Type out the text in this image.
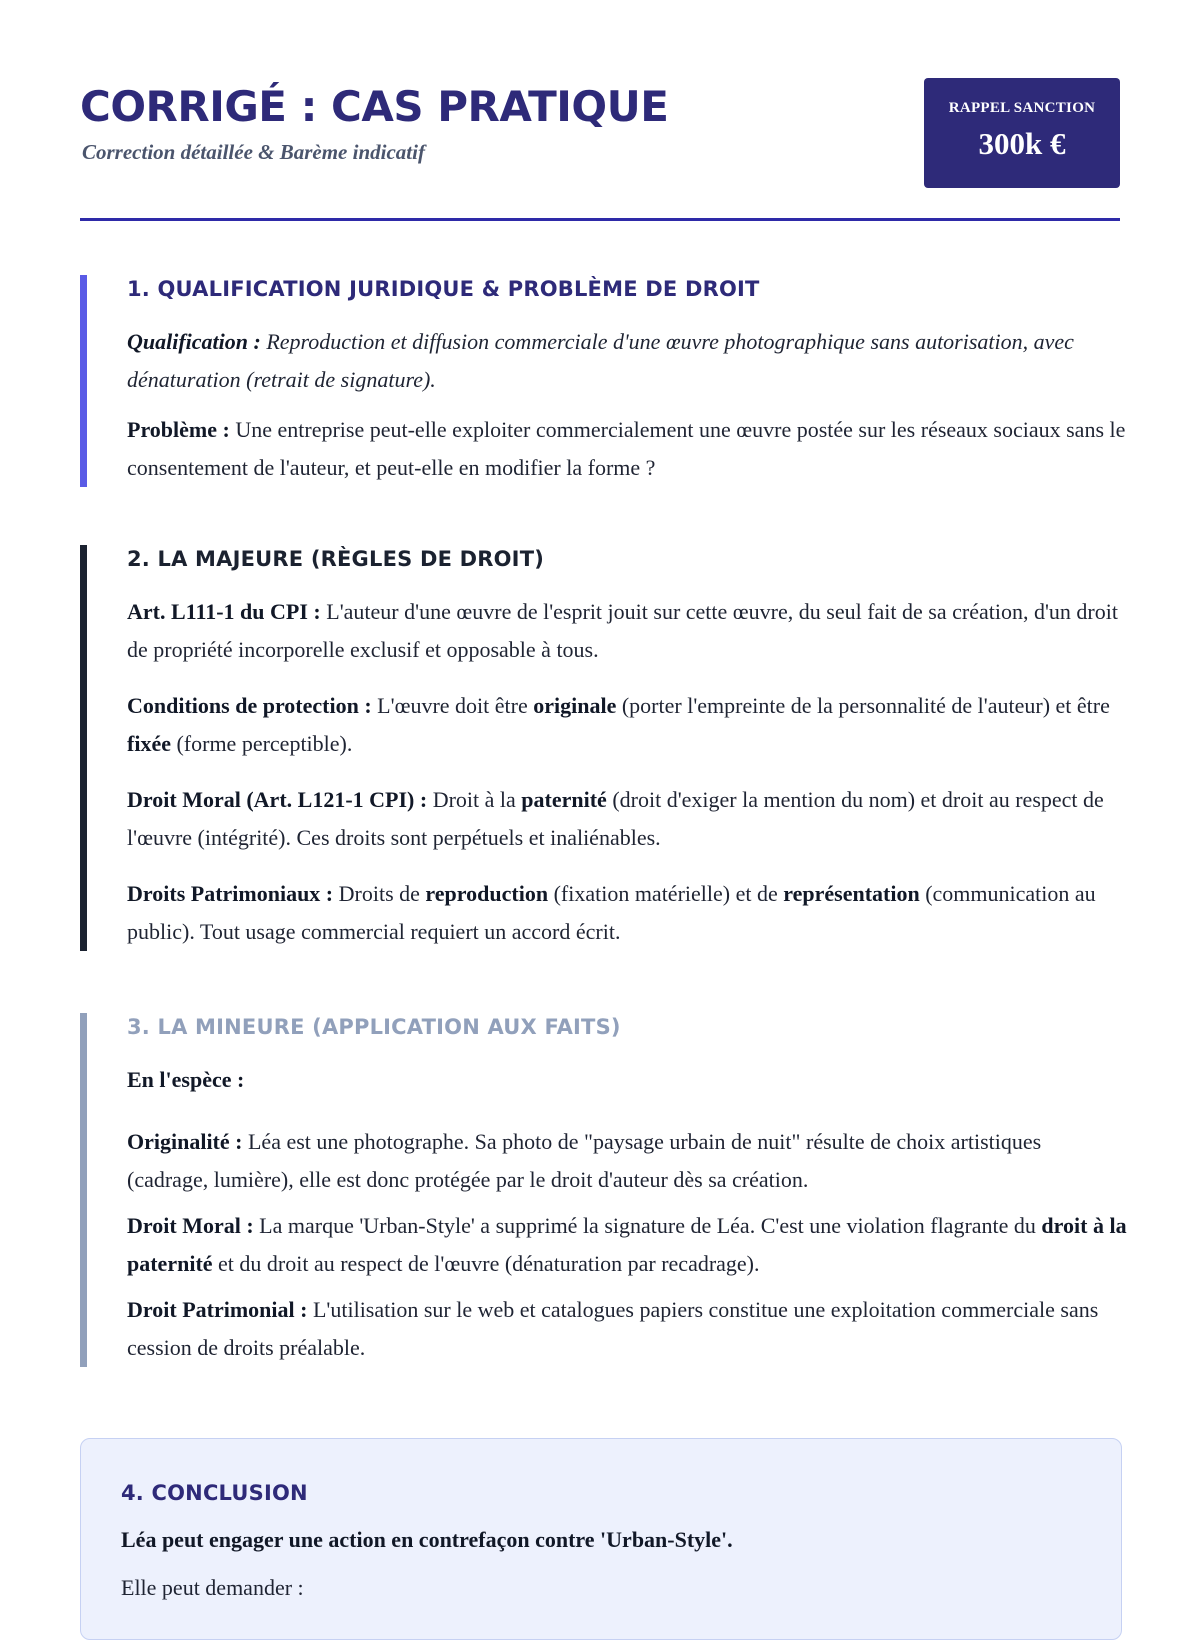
CORRIGÉ : CAS PRATIQUE
Correction détaillée & Barème indicatif
RAPPEL SANCTION
300k €
1. QUALIFICATION JURIDIQUE & PROBLÈME DE DROIT

Qualification : Reproduction et diffusion commerciale d'une œuvre photographique sans autorisation, avec dénaturation (retrait de signature).

Problème : Une entreprise peut-elle exploiter commercialement une œuvre postée sur les réseaux sociaux sans le consentement de l'auteur, et peut-elle en modifier la forme ?

2. LA MAJEURE (RÈGLES DE DROIT)

Art. L111-1 du CPI : L'auteur d'une œuvre de l'esprit jouit sur cette œuvre, du seul fait de sa création, d'un droit de propriété incorporelle exclusif et opposable à tous.

Conditions de protection : L'œuvre doit être originale (porter l'empreinte de la personnalité de l'auteur) et être fixée (forme perceptible).

Droit Moral (Art. L121-1 CPI) : Droit à la paternité (droit d'exiger la mention du nom) et droit au respect de l'œuvre (intégrité). Ces droits sont perpétuels et inaliénables.

Droits Patrimoniaux : Droits de reproduction (fixation matérielle) et de représentation (communication au public). Tout usage commercial requiert un accord écrit.

3. LA MINEURE (APPLICATION AUX FAITS)

En l'espèce :

Originalité : Léa est une photographe. Sa photo de "paysage urbain de nuit" résulte de choix artistiques (cadrage, lumière), elle est donc protégée par le droit d'auteur dès sa création.

Droit Moral : La marque 'Urban-Style' a supprimé la signature de Léa. C'est une violation flagrante du droit à la paternité et du droit au respect de l'œuvre (dénaturation par recadrage).

Droit Patrimonial : L'utilisation sur le web et catalogues papiers constitue une exploitation commerciale sans cession de droits préalable.

4. CONCLUSION

Léa peut engager une action en contrefaçon contre 'Urban-Style'.

Elle peut demander :
